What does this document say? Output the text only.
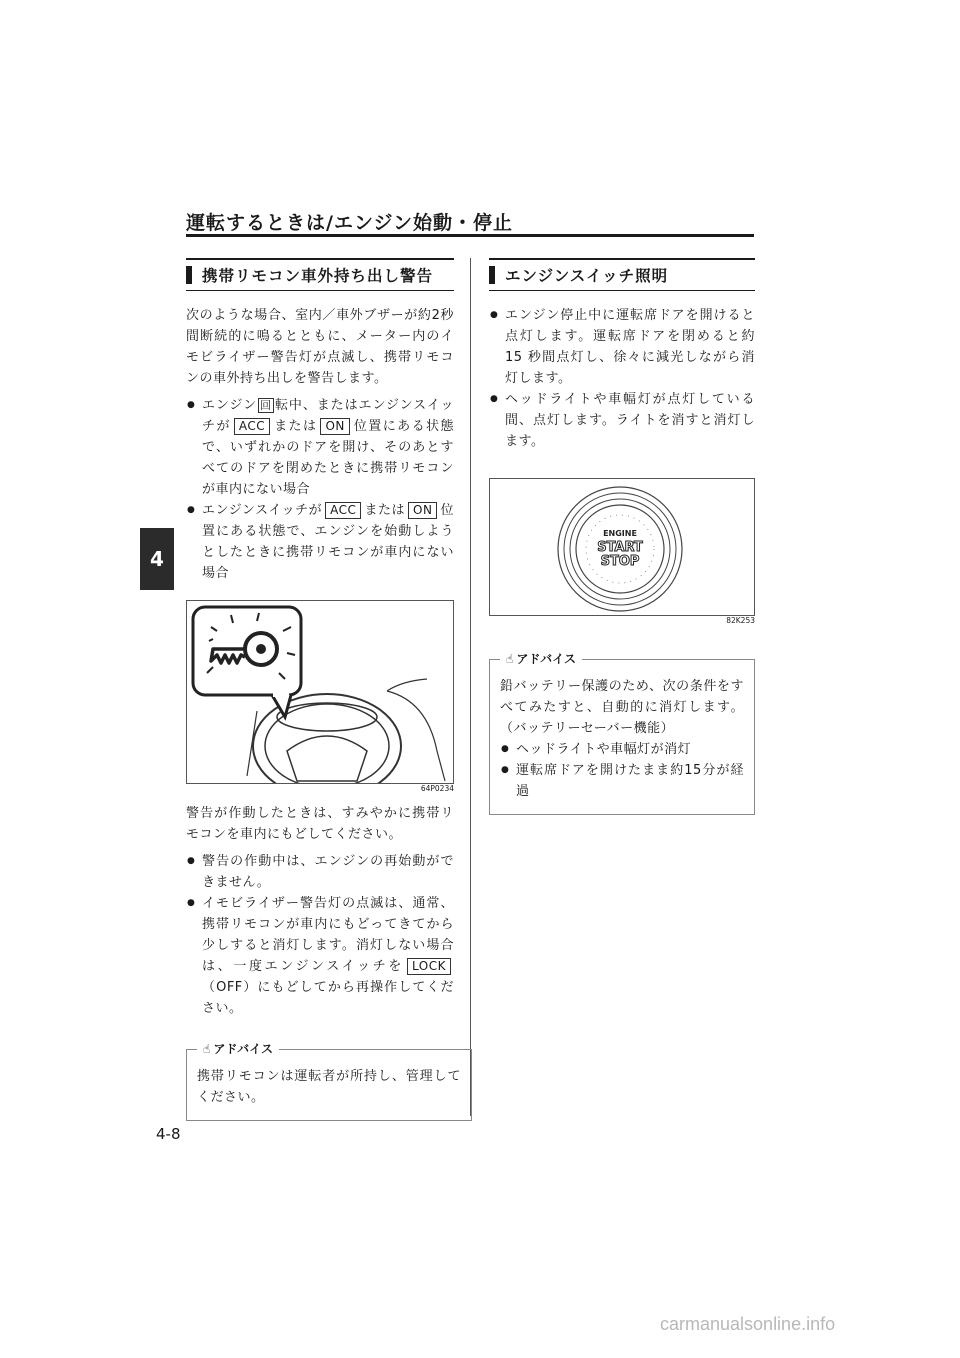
運転するときは/エンジン始動・停止
4
携帯リモコン車外持ち出し警告
次のような場合、室内／車外ブザーが約2秒間断続的に鳴るとともに、メーター内のイモビライザー警告灯が点滅し、携帯リモコンの車外持ち出しを警告します。
● エンジン 回 転中、またはエンジンスイッチが ACC または ON 位置にある状態で、いずれかのドアを開け、そのあとすべてのドアを閉めたときに携帯リモコンが車内にない場合
● エンジンスイッチが ACC または ON 位置にある状態で、エンジンを始動しようとしたときに携帯リモコンが車内にない場合
64P0234
警告が作動したときは、すみやかに携帯リモコンを車内にもどしてください。
● 警告の作動中は、エンジンの再始動ができません。
● イモビライザー警告灯の点滅は、通常、携帯リモコンが車内にもどってきてから少しすると消灯します。消灯しない場合は、一度エンジンスイッチを LOCK（OFF）にもどしてから再操作してください。
☝ アドバイス
携帯リモコンは運転者が所持し、管理してください。
エンジンスイッチ照明
● エンジン停止中に運転席ドアを開けると点灯します。運転席ドアを閉めると約 15 秒間点灯し、徐々に減光しながら消灯します。
● ヘッドライトや車幅灯が点灯している間、点灯します。ライトを消すと消灯します。
ENGINE
START
STOP
82K253
☝ アドバイス
鉛バッテリー保護のため、次の条件をすべてみたすと、自動的に消灯します。（バッテリーセーバー機能）
● ヘッドライトや車幅灯が消灯
● 運転席ドアを開けたまま約15分が経過
4-8
carmanualsonline.info
